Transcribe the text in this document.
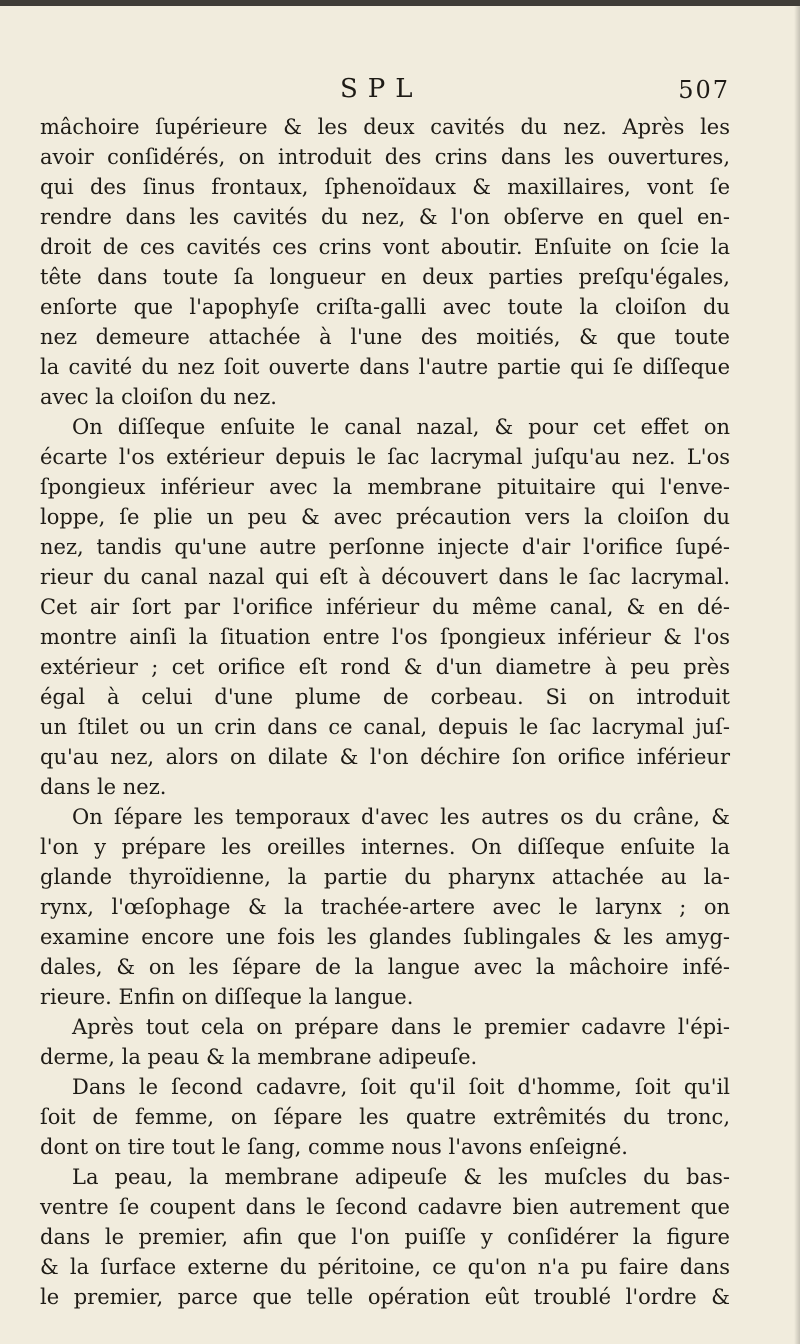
SPL	507
mâchoire ſupérieure & les deux cavités du nez. Après les
avoir conſidérés, on introduit des crins dans les ouvertures,
qui des ſinus frontaux, ſphenoïdaux & maxillaires, vont ſe
rendre dans les cavités du nez, & l'on obſerve en quel en-
droit de ces cavités ces crins vont aboutir. Enſuite on ſcie la
tête dans toute ſa longueur en deux parties preſqu'égales,
enſorte que l'apophyſe criſta-galli avec toute la cloiſon du
nez demeure attachée à l'une des moitiés, & que toute
la cavité du nez ſoit ouverte dans l'autre partie qui ſe diſſeque
avec la cloiſon du nez.
On diſſeque enſuite le canal nazal, & pour cet effet on
écarte l'os extérieur depuis le ſac lacrymal juſqu'au nez. L'os
ſpongieux inférieur avec la membrane pituitaire qui l'enve-
loppe, ſe plie un peu & avec précaution vers la cloiſon du
nez, tandis qu'une autre perſonne injecte d'air l'orifice ſupé-
rieur du canal nazal qui eſt à découvert dans le ſac lacrymal.
Cet air ſort par l'orifice inférieur du même canal, & en dé-
montre ainſi la ſituation entre l'os ſpongieux inférieur & l'os
extérieur ; cet orifice eſt rond & d'un diametre à peu près
égal à celui d'une plume de corbeau. Si on introduit
un ſtilet ou un crin dans ce canal, depuis le ſac lacrymal juſ-
qu'au nez, alors on dilate & l'on déchire ſon orifice inférieur
dans le nez.
On ſépare les temporaux d'avec les autres os du crâne, &
l'on y prépare les oreilles internes. On diſſeque enſuite la
glande thyroïdienne, la partie du pharynx attachée au la-
rynx, l'œſophage & la trachée-artere avec le larynx ; on
examine encore une fois les glandes ſublingales & les amyg-
dales, & on les ſépare de la langue avec la mâchoire infé-
rieure. Enfin on diſſeque la langue.
Après tout cela on prépare dans le premier cadavre l'épi-
derme, la peau & la membrane adipeuſe.
Dans le ſecond cadavre, ſoit qu'il ſoit d'homme, ſoit qu'il
ſoit de femme, on ſépare les quatre extrêmités du tronc,
dont on tire tout le ſang, comme nous l'avons enſeigné.
La peau, la membrane adipeuſe & les muſcles du bas-
ventre ſe coupent dans le ſecond cadavre bien autrement que
dans le premier, afin que l'on puiſſe y conſidérer la figure
& la ſurface externe du péritoine, ce qu'on n'a pu faire dans
le premier, parce que telle opération eût troublé l'ordre &
